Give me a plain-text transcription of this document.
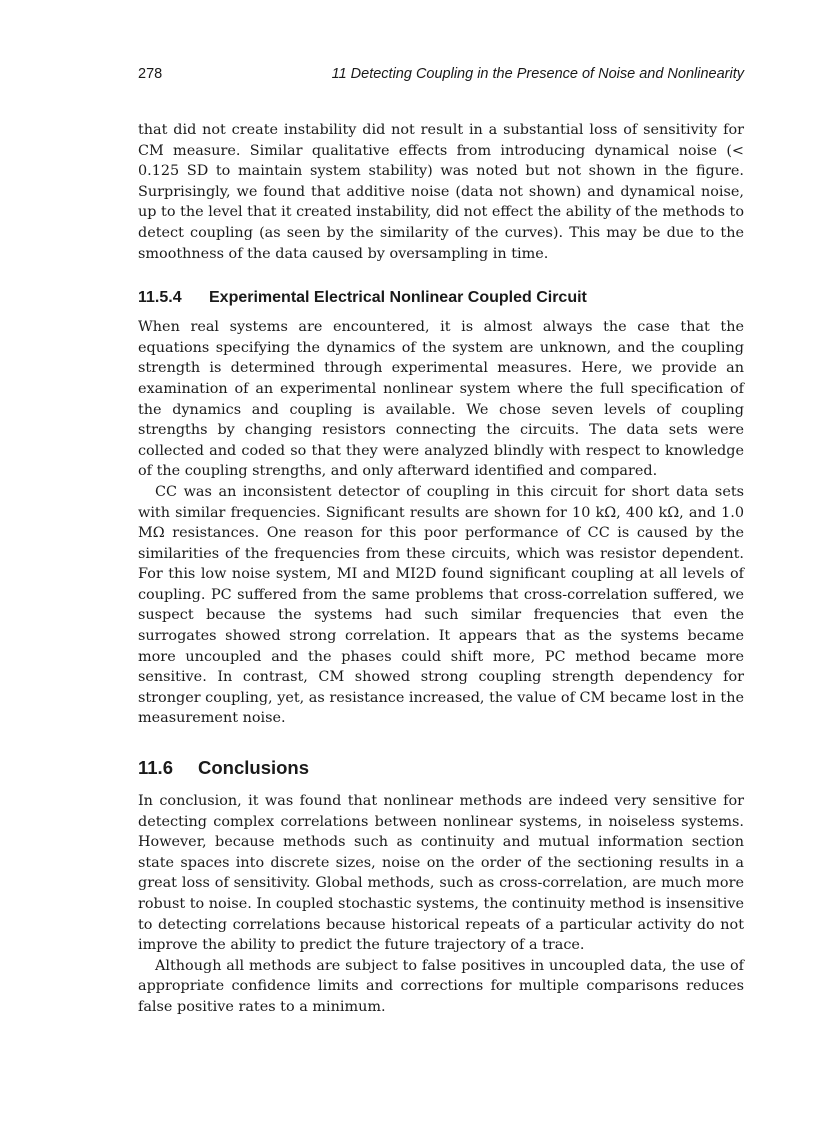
278	11 Detecting Coupling in the Presence of Noise and Nonlinearity

that did not create instability did not result in a substantial loss of sensitivity for CM measure. Similar qualitative effects from introducing dynamical noise (< 0.125 SD to maintain system stability) was noted but not shown in the figure. Surprisingly, we found that additive noise (data not shown) and dynamical noise, up to the level that it created instability, did not effect the ability of the methods to detect coupling (as seen by the similarity of the curves). This may be due to the smoothness of the data caused by oversampling in time.

11.5.4 Experimental Electrical Nonlinear Coupled Circuit

When real systems are encountered, it is almost always the case that the equations specifying the dynamics of the system are unknown, and the coupling strength is determined through experimental measures. Here, we provide an examination of an experimental nonlinear system where the full specification of the dynamics and coupling is available. We chose seven levels of coupling strengths by changing resistors connecting the circuits. The data sets were collected and coded so that they were analyzed blindly with respect to knowledge of the coupling strengths, and only afterward identified and compared.

CC was an inconsistent detector of coupling in this circuit for short data sets with similar frequencies. Significant results are shown for 10 kΩ, 400 kΩ, and 1.0 MΩ resistances. One reason for this poor performance of CC is caused by the similarities of the frequencies from these circuits, which was resistor dependent. For this low noise system, MI and MI2D found significant coupling at all levels of coupling. PC suffered from the same problems that cross-correlation suffered, we suspect because the systems had such similar frequencies that even the surrogates showed strong correlation. It appears that as the systems became more uncoupled and the phases could shift more, PC method became more sensitive. In contrast, CM showed strong coupling strength dependency for stronger coupling, yet, as resistance increased, the value of CM became lost in the measurement noise.

11.6 Conclusions

In conclusion, it was found that nonlinear methods are indeed very sensitive for detecting complex correlations between nonlinear systems, in noiseless systems. However, because methods such as continuity and mutual information section state spaces into discrete sizes, noise on the order of the sectioning results in a great loss of sensitivity. Global methods, such as cross-correlation, are much more robust to noise. In coupled stochastic systems, the continuity method is insensitive to detecting correlations because historical repeats of a particular activity do not improve the ability to predict the future trajectory of a trace.

Although all methods are subject to false positives in uncoupled data, the use of appropriate confidence limits and corrections for multiple comparisons reduces false positive rates to a minimum.
